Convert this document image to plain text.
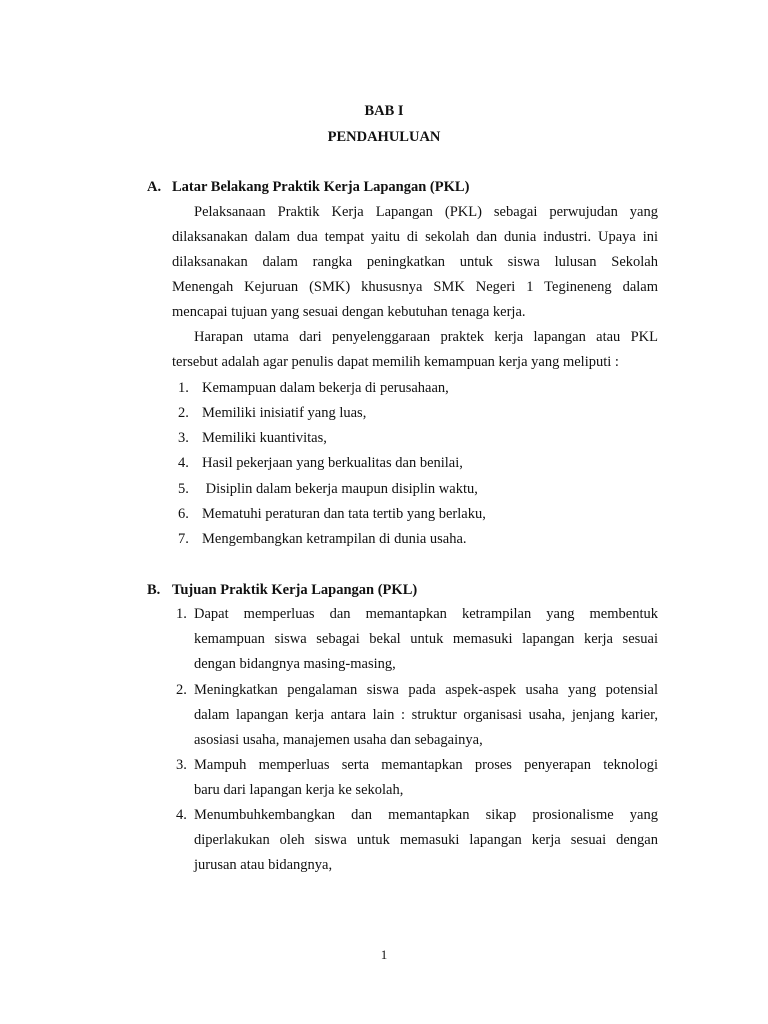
BAB I
PENDAHULUAN
A. Latar Belakang Praktik Kerja Lapangan (PKL)
Pelaksanaan Praktik Kerja Lapangan (PKL) sebagai perwujudan yang
dilaksanakan dalam dua tempat yaitu di sekolah dan dunia industri. Upaya ini
dilaksanakan dalam rangka peningkatkan untuk siswa lulusan Sekolah
Menengah Kejuruan (SMK) khususnya SMK Negeri 1 Tegineneng dalam
mencapai tujuan yang sesuai dengan kebutuhan tenaga kerja.
Harapan utama dari penyelenggaraan praktek kerja lapangan atau PKL
tersebut adalah agar penulis dapat memilih kemampuan kerja yang meliputi :
1. Kemampuan dalam bekerja di perusahaan,
2. Memiliki inisiatif yang luas,
3. Memiliki kuantivitas,
4. Hasil pekerjaan yang berkualitas dan benilai,
5. Disiplin dalam bekerja maupun disiplin waktu,
6. Mematuhi peraturan dan tata tertib yang berlaku,
7. Mengembangkan ketrampilan di dunia usaha.
B. Tujuan Praktik Kerja Lapangan (PKL)
1. Dapat memperluas dan memantapkan ketrampilan yang membentuk
kemampuan siswa sebagai bekal untuk memasuki lapangan kerja sesuai
dengan bidangnya masing-masing,
2. Meningkatkan pengalaman siswa pada aspek-aspek usaha yang potensial
dalam lapangan kerja antara lain : struktur organisasi usaha, jenjang karier,
asosiasi usaha, manajemen usaha dan sebagainya,
3. Mampuh memperluas serta memantapkan proses penyerapan teknologi
baru dari lapangan kerja ke sekolah,
4. Menumbuhkembangkan dan memantapkan sikap prosionalisme yang
diperlakukan oleh siswa untuk memasuki lapangan kerja sesuai dengan
jurusan atau bidangnya,
1
